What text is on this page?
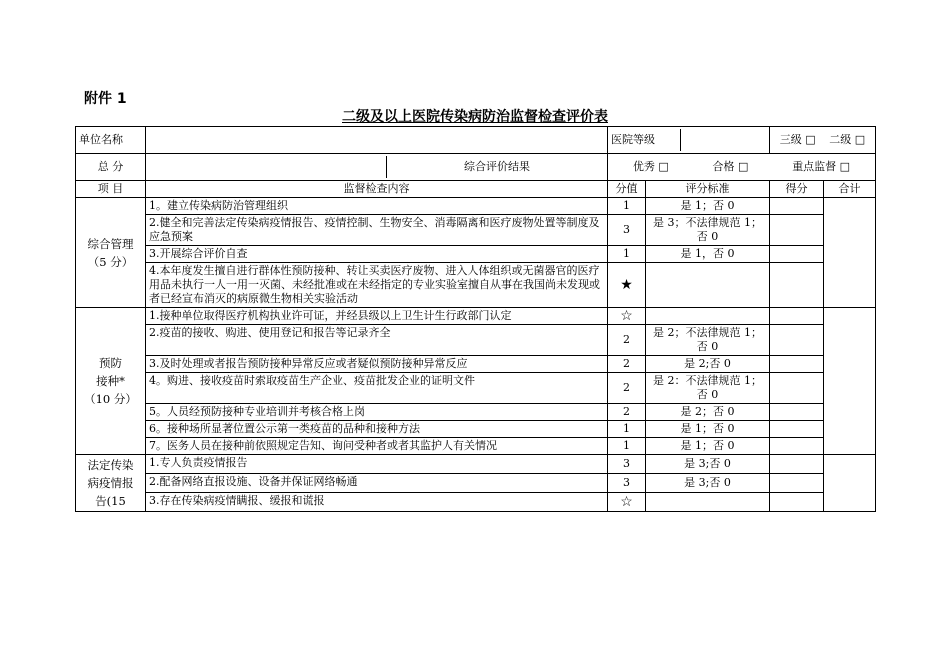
附件 1
二级及以上医院传染病防治监督检查评价表
单位名称		医院等级		三级 □ 二级 □	

总 分	综合评价结果	优秀 □ 合格 □ 重点监督 □			

项 目	监督检查内容	分值	评分标准	得分	合计

综合管理
（5 分）	1。建立传染病防治管理组织	1	是 1；否 0		
	2.健全和完善法定传染病疫情报告、疫情控制、生物安全、消毒隔离和医疗废物处置等制度及应急预案	3	是 3；不法律规范 1；否 0		
	3.开展综合评价自查	1	是 1，否 0		
	4.本年度发生擅自进行群体性预防接种、转让买卖医疗废物、进入人体组织或无菌器官的医疗用品未执行一人一用一灭菌、未经批准或在未经指定的专业实验室擅自从事在我国尚未发现或者已经宣布消灭的病原微生物相关实验活动	★			

预防
接种*
（10 分）	1.接种单位取得医疗机构执业许可证，并经县级以上卫生计生行政部门认定	☆			
	2.疫苗的接收、购进、使用登记和报告等记录齐全	2	是 2；不法律规范 1；否 0		
	3.及时处理或者报告预防接种异常反应或者疑似预防接种异常反应	2	是 2;否 0		
	4。购进、接收疫苗时索取疫苗生产企业、疫苗批发企业的证明文件	2	是 2：不法律规范 1；否 0		
	5。人员经预防接种专业培训并考核合格上岗	2	是 2；否 0		
	6。接种场所显著位置公示第一类疫苗的品种和接种方法	1	是 1；否 0		
	7。医务人员在接种前依照规定告知、询问受种者或者其监护人有关情况	1	是 1；否 0		

法定传染
病疫情报
告(15	1.专人负责疫情报告	3	是 3;否 0		
	2.配备网络直报设施、设备并保证网络畅通	3	是 3;否 0		
	3.存在传染病疫情瞒报、缓报和谎报	☆			
